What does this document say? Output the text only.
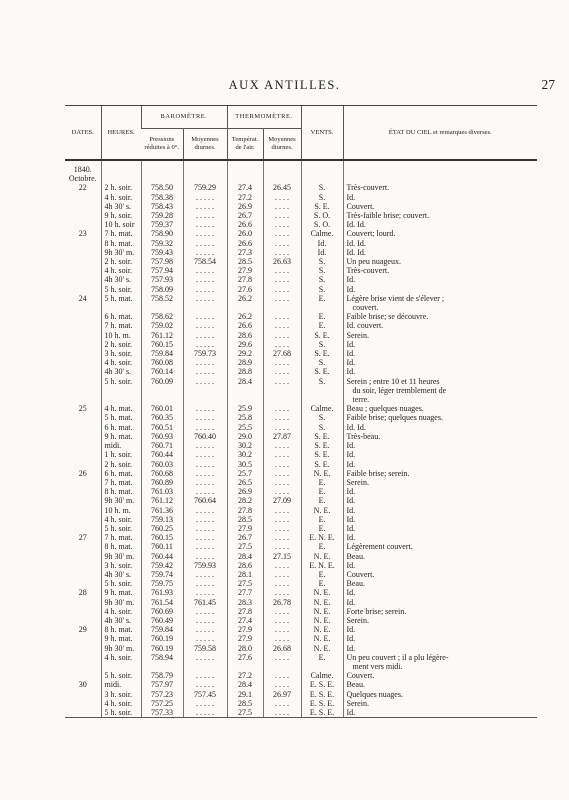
AUX ANTILLES.	27
DATES.	HEURES.	BAROMÈTRE.		THERMOMÈTRE.		VENTS.	ÉTAT DU CIEL et remarques diverses.
		Pressions réduites à 0°.	Moyennes diurnes.	Températ. de l'air.	Moyennes diurnes.		

1840.							
Octobre.							
22	2 h. soir.	758.50	759.29	27.4	26.45	S.	Très-couvert.
	4 h. soir.	758.38	. . . . .	27.2	. . . .	S.	Id.
	4h 30' s.	758.43	. . . . .	26.9	. . . .	S. E.	Couvert.
	9 h. soir.	759.28	. . . . .	26.7	. . . .	S. O.	Très-faible brise; couvert.
	10 h. soir	759.37	. . . . .	26.6	. . . .	S. O.	Id. Id.
23	7 h. mat.	758.90	. . . . .	26.0	. . . .	Calme.	Couvert; lourd.
	8 h. mat.	759.32	. . . . .	26.6	. . . .	Id.	Id. Id.
	9h 30' m.	759.43	. . . . .	27.3	. . . .	Id.	Id. Id.
	2 h. soir.	757.98	758.54	28.5	26.63	S.	Un peu nuageux.
	4 h. soir.	757.94	. . . . .	27.9	. . . .	S.	Très-couvert.
	4h 30' s.	757.93	. . . . .	27.8	. . . .	S.	Id.
	5 h. soir.	758.09	. . . . .	27.6	. . . .	S.	Id.
24	5 h. mat.	758.52	. . . . .	26.2	. . . .	E.	Légère brise vient de s'élever ;
							couvert.
	6 h. mat.	758.62	. . . . .	26.2	. . . .	E.	Faible brise; se découvre.
	7 h. mat.	759.02	. . . . .	26.6	. . . .	E.	Id. couvert.
	10 h. m.	761.12	. . . . .	28.6	. . . .	S. E.	Serein.
	2 h. soir.	760.15	. . . . .	29.6	. . . .	S.	Id.
	3 h. soir.	759.84	759.73	29.2	27.68	S. E.	Id.
	4 h. soir.	760.08	. . . . .	28.9	. . . .	S.	Id.
	4h 30' s.	760.14	. . . . .	28.8	. . . .	S. E.	Id.
	5 h. soir.	760.09	. . . . .	28.4	. . . .	S.	Serein ; entre 10 et 11 heures
							du soir, léger tremblement de
							terre.
25	4 h. mat.	760.01	. . . . .	25.9	. . . .	Calme.	Beau ; quelques nuages.
	5 h. mat.	760.35	. . . . .	25.8	. . . .	S.	Faible brise; quelques nuages.
	6 h. mat.	760.51	. . . . .	25.5	. . . .	S.	Id. Id.
	9 h. mat.	760.93	760.40	29.0	27.87	S. E.	Très-beau.
	midi.	760.71	. . . . .	30.2	. . . .	S. E.	Id.
	1 h. soir.	760.44	. . . . .	30.2	. . . .	S. E.	Id.
	2 h. soir.	760.03	. . . . .	30.5	. . . .	S. E.	Id.
26	6 h. mat.	760.68	. . . . .	25.7	. . . .	N. E.	Faible brise; serein.
	7 h. mat.	760.89	. . . . .	26.5	. . . .	E.	Serein.
	8 h. mat.	761.03	. . . . .	26.9	. . . .	E.	Id.
	9h 30' m.	761.12	760.64	28.2	27.09	E.	Id.
	10 h. m.	761.36	. . . . .	27.8	. . . .	N. E.	Id.
	4 h. soir.	759.13	. . . . .	28.5	. . . .	E.	Id.
	5 h. soir.	760.25	. . . . .	27.9	. . . .	E.	Id.
27	7 h. mat.	760.15	. . . . .	26.7	. . . .	E. N. E.	Id.
	8 h. mat.	760.11	. . . . .	27.5	. . . .	E.	Légèrement couvert.
	9h 30' m.	760.44	. . . . .	28.4	27.15	N. E.	Beau.
	3 h. soir.	759.42	759.93	28.6	. . . .	E. N. E.	Id.
	4h 30' s.	759.74	. . . . .	28.1	. . . .	E.	Couvert.
	5 h. soir.	759.75	. . . . .	27.5	. . . .	E.	Beau.
28	9 h. mat.	761.93	. . . . .	27.7	. . . .	N. E.	Id.
	9h 30' m.	761.54	761.45	28.3	26.78	N. E.	Id.
	4 h. soir.	760.69	. . . . .	27.8	. . . .	N. E.	Forte brise; serein.
	4h 30' s.	760.49	. . . . .	27.4	. . . .	N. E.	Serein.
29	8 h. mat.	759.84	. . . . .	27.9	. . . .	N. E.	Id.
	9 h. mat.	760.19	. . . . .	27.9	. . . .	N. E.	Id.
	9h 30' m.	760.19	759.58	28.0	26.68	N. E.	Id.
	4 h. soir.	758.94	. . . . .	27.6	. . . .	E.	Un peu couvert ; il a plu légère-
							ment vers midi.
	5 h. soir.	758.79	. . . . .	27.2	. . . .	Calme.	Couvert.
30	midi.	757.97	. . . . .	28.4	. . . .	E. S. E.	Beau.
	3 h. soir.	757.23	757.45	29.1	26.97	E. S. E.	Quelques nuages.
	4 h. soir.	757.25	. . . . .	28.5	. . . .	E. S. E.	Serein.
	5 h. soir.	757.33	. . . . .	27.5	. . . .	E. S. E.	Id.
